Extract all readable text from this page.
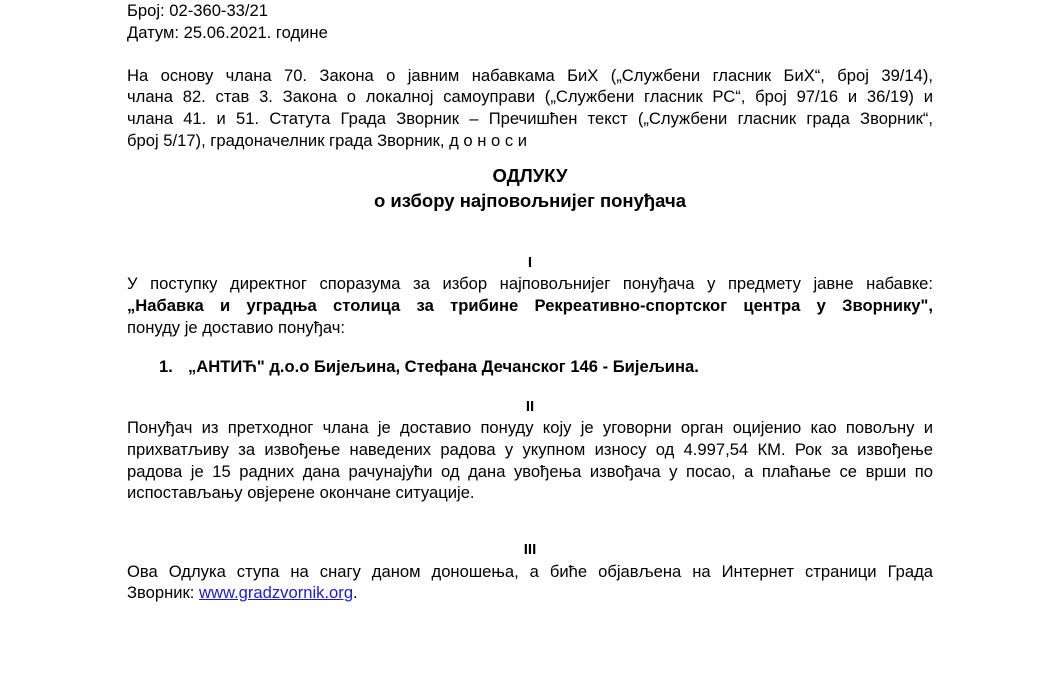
Број: 02-360-33/21
Датум: 25.06.2021. године
На основу члана 70. Закона о јавним набавкама БиХ („Службени гласник БиХ“, број 39/14),
члана 82. став 3. Закона о локалној самоуправи („Службени гласник РС“, број 97/16 и 36/19) и
члана 41. и 51. Статута Града Зворник – Пречишћен текст („Службени гласник града Зворник“,
број 5/17), градоначелник града Зворник, д о н о с и
ОДЛУКУ
о избору најповољнијег понуђача
I
У поступку директног споразума за избор најповољнијег понуђача у предмету јавне набавке:
„Набавка и уградња столица за трибине Рекреативно-спортског центра у Зворнику",
понуду је доставио понуђач:
1. „АНТИЋ" д.о.о Бијељина, Стефана Дечанског 146 - Бијељина.
II
Понуђач из претходног члана је доставио понуду коју је уговорни орган оцијенио као повољну и
прихватљиву за извођење наведених радова у укупном износу од 4.997,54 КМ. Рок за извођење
радова је 15 радних дана рачунајући од дана увођења извођача у посао, а плаћање се врши по
испостављању овјерене окончане ситуације.
III
Ова Одлука ступа на снагу даном доношења, а биће објављена на Интернет страници Града
Зворник: www.gradzvornik.org.
